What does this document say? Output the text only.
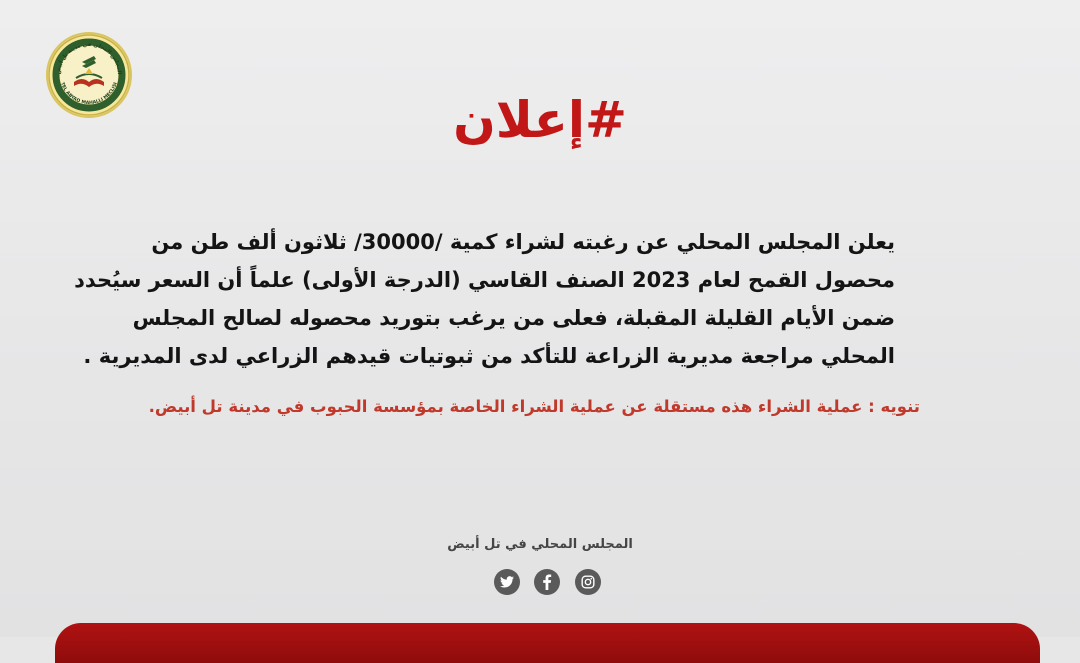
المجلس المحلي في مدينة تل أبيض
TEL ABYAD MAHALLI MECLISI
#إعلان
يعلن المجلس المحلي عن رغبته لشراء كمية /30000/ ثلاثون ألف طن من
محصول القمح لعام 2023 الصنف القاسي (الدرجة الأولى) علماً أن السعر سيُحدد
ضمن الأيام القليلة المقبلة، فعلى من يرغب بتوريد محصوله لصالح المجلس
المحلي مراجعة مديرية الزراعة للتأكد من ثبوتيات قيدهم الزراعي لدى المديرية .
تنويه : عملية الشراء هذه مستقلة عن عملية الشراء الخاصة بمؤسسة الحبوب في مدينة تل أبيض.
المجلس المحلي في تل أبيض
